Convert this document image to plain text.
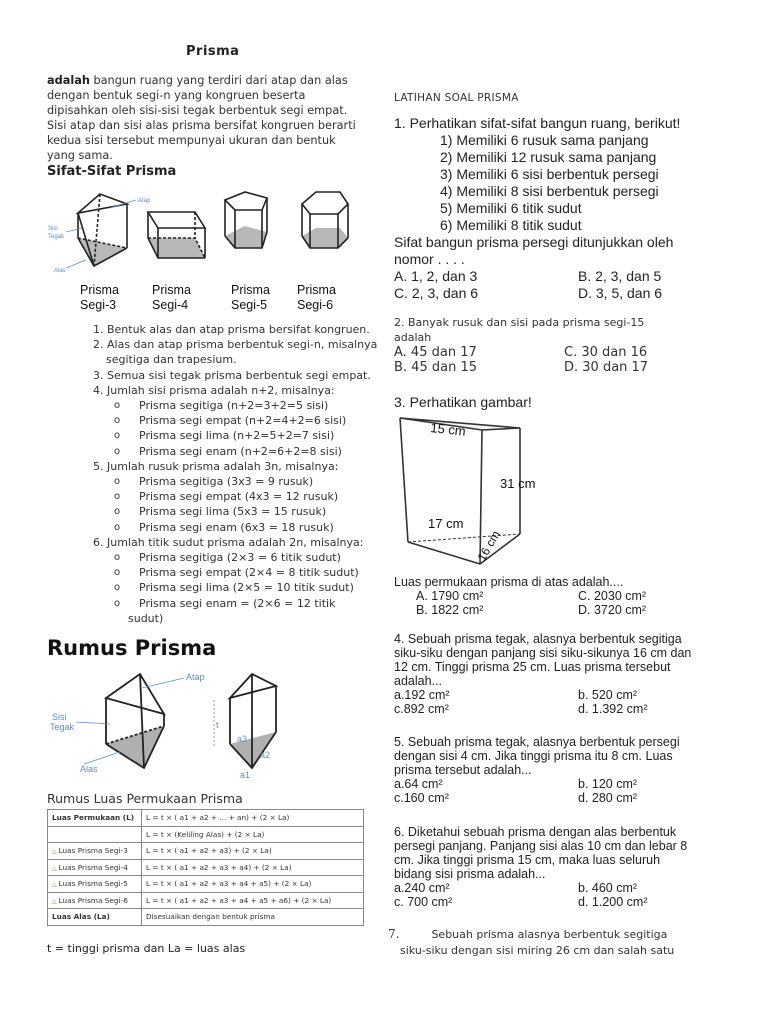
Prisma
adalah bangun ruang yang terdiri dari atap dan alas dengan bentuk segi-n yang kongruen beserta dipisahkan oleh sisi-sisi tegak berbentuk segi empat. Sisi atap dan sisi alas prisma bersifat kongruen berarti kedua sisi tersebut mempunyai ukuran dan bentuk yang sama.
Sifat-Sifat Prisma
Atap
Sisi
Tegak
Alas
Prisma
Segi-3
Prisma
Segi-4
Prisma
Segi-5
Prisma
Segi-6
1. Bentuk alas dan atap prisma bersifat kongruen.
2. Alas dan atap prisma berbentuk segi-n, misalnya
segitiga dan trapesium.
3. Semua sisi tegak prisma berbentuk segi empat.
4. Jumlah sisi prisma adalah n+2, misalnya:
o Prisma segitiga (n+2=3+2=5 sisi)
o Prisma segi empat (n+2=4+2=6 sisi)
o Prisma segi lima (n+2=5+2=7 sisi)
o Prisma segi enam (n+2=6+2=8 sisi)
5. Jumlah rusuk prisma adalah 3n, misalnya:
o Prisma segitiga (3x3 = 9 rusuk)
o Prisma segi empat (4x3 = 12 rusuk)
o Prisma segi lima (5x3 = 15 rusuk)
o Prisma segi enam (6x3 = 18 rusuk)
6. Jumlah titik sudut prisma adalah 2n, misalnya:
o Prisma segitiga (2×3 = 6 titik sudut)
o Prisma segi empat (2×4 = 8 titik sudut)
o Prisma segi lima (2×5 = 10 titik sudut)
o Prisma segi enam = (2×6 = 12 titik
sudut)
Rumus Prisma
Atap
Sisi
Tegak
Alas
t
a3
a2
a1
Rumus Luas Permukaan Prisma
Luas Permukaan (L)	L = t × ( a1 + a2 + ... + an) + (2 × La)
	L = t × (Keliling Alas) + (2 × La)
△ Luas Prisma Segi-3	L = t × ( a1 + a2 + a3) + (2 × La)
△ Luas Prisma Segi-4	L = t × ( a1 + a2 + a3 + a4) + (2 × La)
△ Luas Prisma Segi-5	L = t × ( a1 + a2 + a3 + a4 + a5) + (2 × La)
△ Luas Prisma Segi-6	L = t × ( a1 + a2 + a3 + a4 + a5 + a6) + (2 × La)
Luas Alas (La)	Disesuaikan dengan bentuk prisma
t = tinggi prisma dan La = luas alas
LATIHAN SOAL PRISMA
1. Perhatikan sifat-sifat bangun ruang, berikut!
1) Memiliki 6 rusuk sama panjang
2) Memiliki 12 rusuk sama panjang
3) Memiliki 6 sisi berbentuk persegi
4) Memiliki 8 sisi berbentuk persegi
5) Memiliki 6 titik sudut
6) Memiliki 8 titik sudut
Sifat bangun prisma persegi ditunjukkan oleh
nomor . . . .
A. 1, 2, dan 3	B. 2, 3, dan 5
C. 2, 3, dan 6	D. 3, 5, dan 6
2. Banyak rusuk dan sisi pada prisma segi-15
adalah
A. 45 dan 17	C. 30 dan 16
B. 45 dan 15	D. 30 dan 17
3. Perhatikan gambar!
15 cm
31 cm
17 cm
16 cm
Luas permukaan prisma di atas adalah....
A. 1790 cm²	C. 2030 cm²
B. 1822 cm²	D. 3720 cm²
4. Sebuah prisma tegak, alasnya berbentuk segitiga
siku-siku dengan panjang sisi siku-sikunya 16 cm dan
12 cm. Tinggi prisma 25 cm. Luas prisma tersebut
adalah...
a.192 cm²	b. 520 cm²
c.892 cm²	d. 1.392 cm²
5. Sebuah prisma tegak, alasnya berbentuk persegi
dengan sisi 4 cm. Jika tinggi prisma itu 8 cm. Luas
prisma tersebut adalah...
a.64 cm²	b. 120 cm²
c.160 cm²	d. 280 cm²
6. Diketahui sebuah prisma dengan alas berbentuk
persegi panjang. Panjang sisi alas 10 cm dan lebar 8
cm. Jika tinggi prisma 15 cm, maka luas seluruh
bidang sisi prisma adalah...
a.240 cm²	b. 460 cm²
c. 700 cm²	d. 1.200 cm²
7.	Sebuah prisma alasnya berbentuk segitiga
siku-siku dengan sisi miring 26 cm dan salah satu
